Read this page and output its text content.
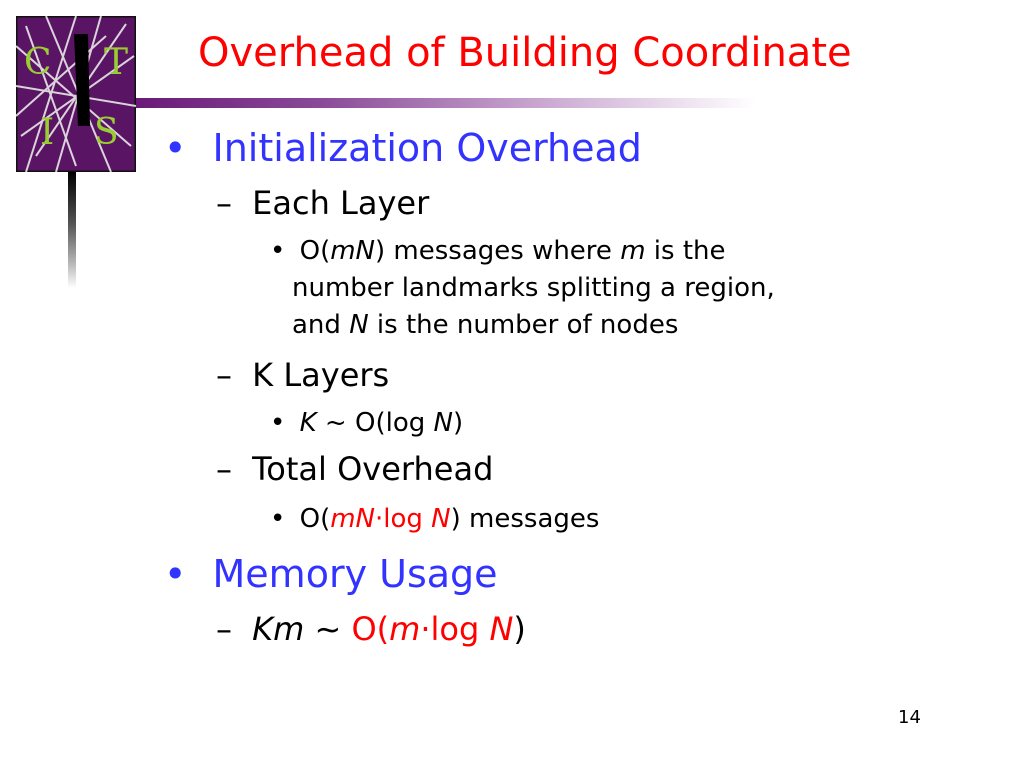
C T
I S
Overhead of Building Coordinate
• Initialization Overhead
– Each Layer
• O(mN) messages where m is the
number landmarks splitting a region,
and N is the number of nodes
– K Layers
• K ~ O(log N)
– Total Overhead
• O(mN·log N) messages
• Memory Usage
– Km ~ O(m·log N)
14
